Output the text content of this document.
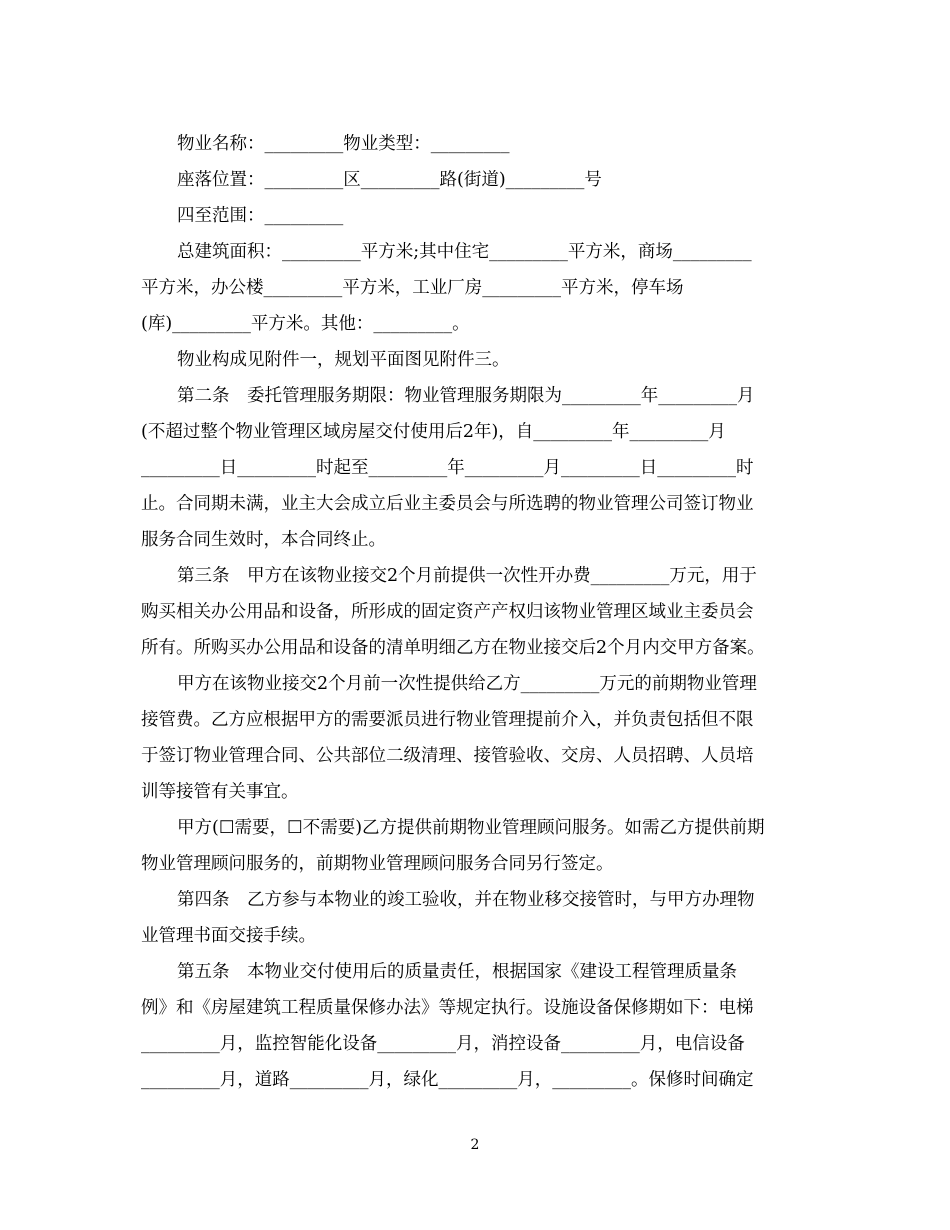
物业名称：_________物业类型：_________
座落位置：_________区_________路(街道)_________号
四至范围：_________
总建筑面积：_________平方米;其中住宅_________平方米，商场_________
平方米，办公楼_________平方米，工业厂房_________平方米，停车场
(库)_________平方米。其他：_________。
物业构成见附件一，规划平面图见附件三。
第二条　委托管理服务期限：物业管理服务期限为_________年_________月
(不超过整个物业管理区域房屋交付使用后2年)，自_________年_________月
_________日_________时起至_________年_________月_________日_________时
止。合同期未满，业主大会成立后业主委员会与所选聘的物业管理公司签订物业
服务合同生效时，本合同终止。
第三条　甲方在该物业接交2个月前提供一次性开办费_________万元，用于
购买相关办公用品和设备，所形成的固定资产产权归该物业管理区域业主委员会
所有。所购买办公用品和设备的清单明细乙方在物业接交后2个月内交甲方备案。
甲方在该物业接交2个月前一次性提供给乙方_________万元的前期物业管理
接管费。乙方应根据甲方的需要派员进行物业管理提前介入，并负责包括但不限
于签订物业管理合同、公共部位二级清理、接管验收、交房、人员招聘、人员培
训等接管有关事宜。
甲方(☐需要，☐不需要)乙方提供前期物业管理顾问服务。如需乙方提供前期
物业管理顾问服务的，前期物业管理顾问服务合同另行签定。
第四条　乙方参与本物业的竣工验收，并在物业移交接管时，与甲方办理物
业管理书面交接手续。
第五条　本物业交付使用后的质量责任，根据国家《建设工程管理质量条
例》和《房屋建筑工程质量保修办法》等规定执行。设施设备保修期如下：电梯
_________月，监控智能化设备_________月，消控设备_________月，电信设备
_________月，道路_________月，绿化_________月，_________。保修时间确定
2
